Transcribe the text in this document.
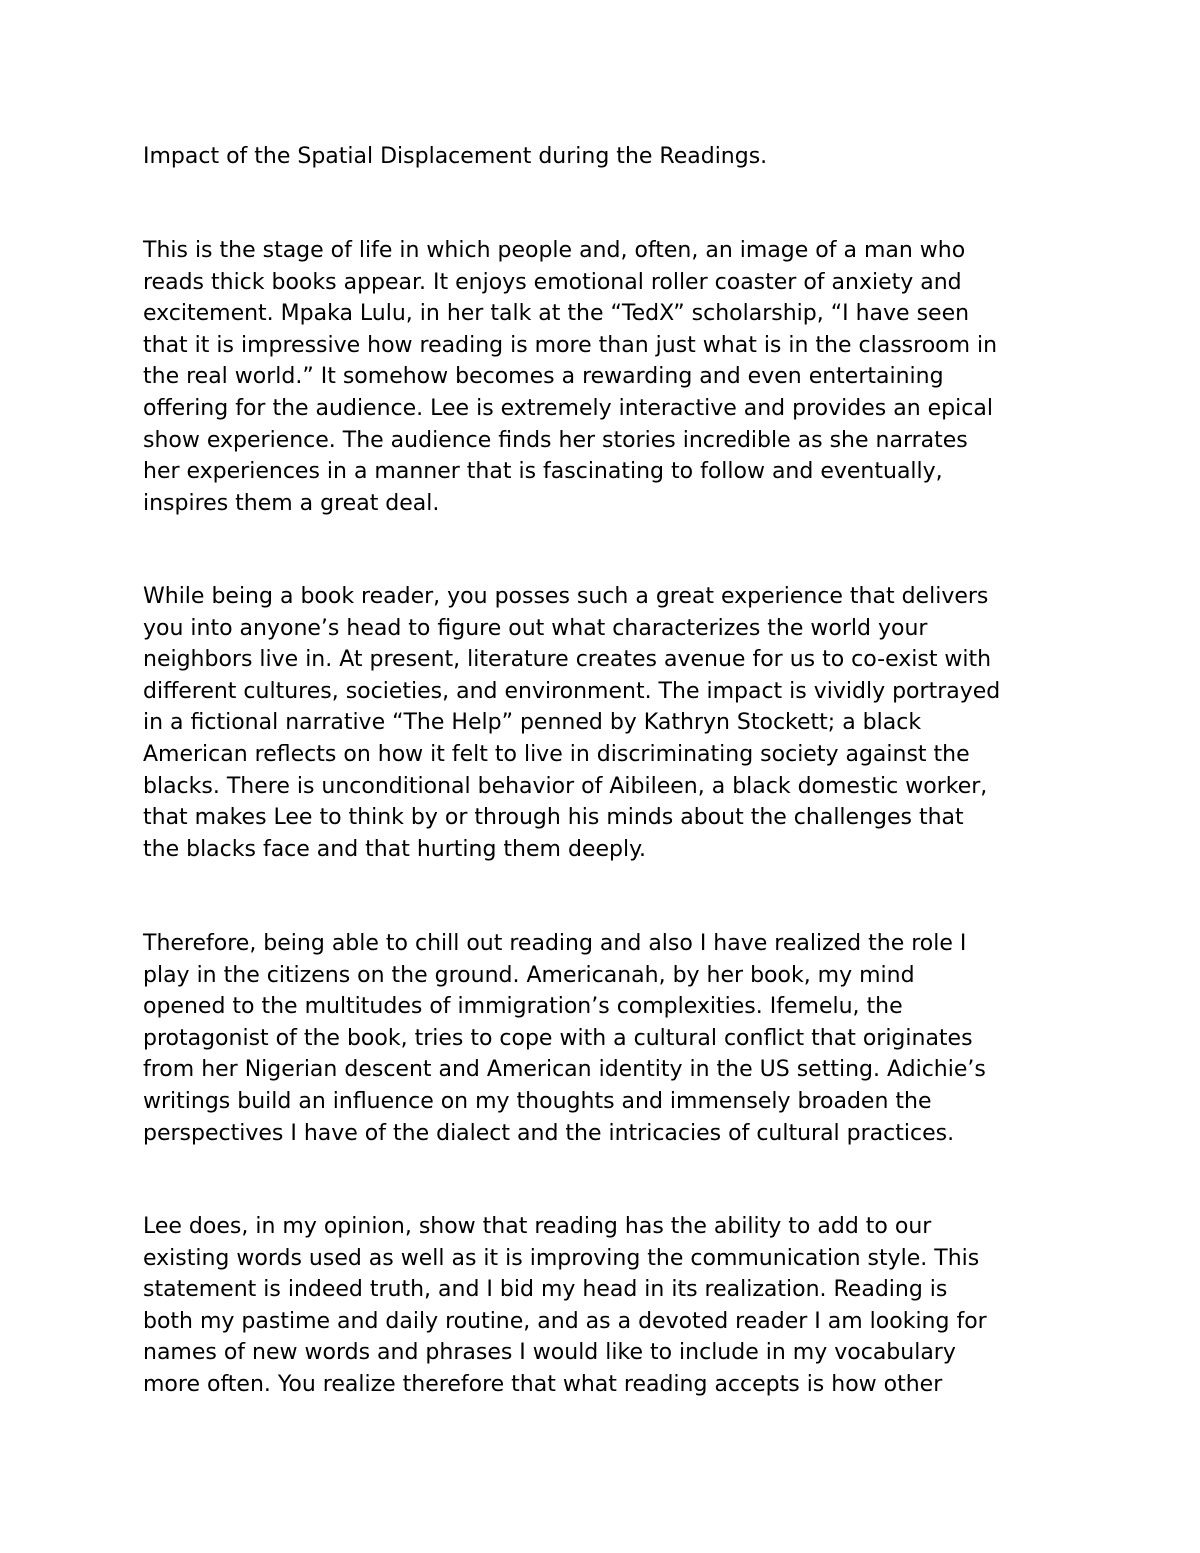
Impact of the Spatial Displacement during the Readings.

This is the stage of life in which people and, often, an image of a man who
reads thick books appear. It enjoys emotional roller coaster of anxiety and
excitement. Mpaka Lulu, in her talk at the “TedX” scholarship, “I have seen
that it is impressive how reading is more than just what is in the classroom in
the real world.” It somehow becomes a rewarding and even entertaining
offering for the audience. Lee is extremely interactive and provides an epical
show experience. The audience finds her stories incredible as she narrates
her experiences in a manner that is fascinating to follow and eventually,
inspires them a great deal.

While being a book reader, you posses such a great experience that delivers
you into anyone’s head to figure out what characterizes the world your
neighbors live in. At present, literature creates avenue for us to co-exist with
different cultures, societies, and environment. The impact is vividly portrayed
in a fictional narrative “The Help” penned by Kathryn Stockett; a black
American reflects on how it felt to live in discriminating society against the
blacks. There is unconditional behavior of Aibileen, a black domestic worker,
that makes Lee to think by or through his minds about the challenges that
the blacks face and that hurting them deeply.

Therefore, being able to chill out reading and also I have realized the role I
play in the citizens on the ground. Americanah, by her book, my mind
opened to the multitudes of immigration’s complexities. Ifemelu, the
protagonist of the book, tries to cope with a cultural conflict that originates
from her Nigerian descent and American identity in the US setting. Adichie’s
writings build an influence on my thoughts and immensely broaden the
perspectives I have of the dialect and the intricacies of cultural practices.

Lee does, in my opinion, show that reading has the ability to add to our
existing words used as well as it is improving the communication style. This
statement is indeed truth, and I bid my head in its realization. Reading is
both my pastime and daily routine, and as a devoted reader I am looking for
names of new words and phrases I would like to include in my vocabulary
more often. You realize therefore that what reading accepts is how other
